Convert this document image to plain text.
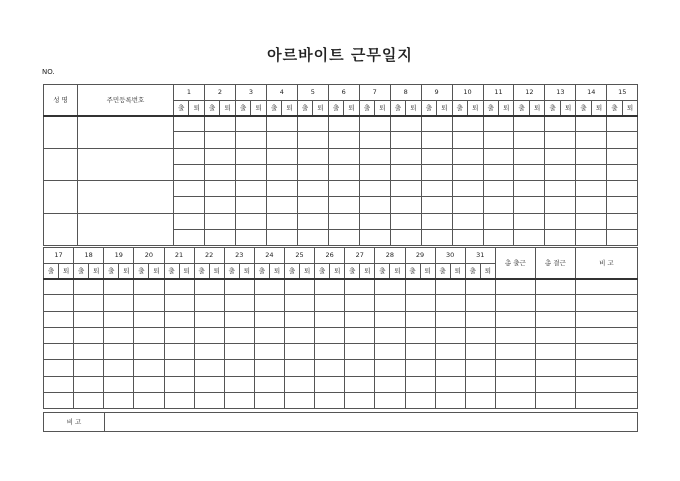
아르바이트 근무일지
NO.
성 명	주민등록번호	1		2		3		4		5		6		7		8		9		10		11		12		13		14		15	
		출	퇴	출	퇴	출	퇴	출	퇴	출	퇴	출	퇴	출	퇴	출	퇴	출	퇴	출	퇴	출	퇴	출	퇴	출	퇴	출	퇴	출	퇴

17		18		19		20		21		22		23		24		25		26		27		28		29		30		31		총 출근	총 결근	비 고
출	퇴	출	퇴	출	퇴	출	퇴	출	퇴	출	퇴	출	퇴	출	퇴	출	퇴	출	퇴	출	퇴	출	퇴	출	퇴	출	퇴	출	퇴			

비 고	
